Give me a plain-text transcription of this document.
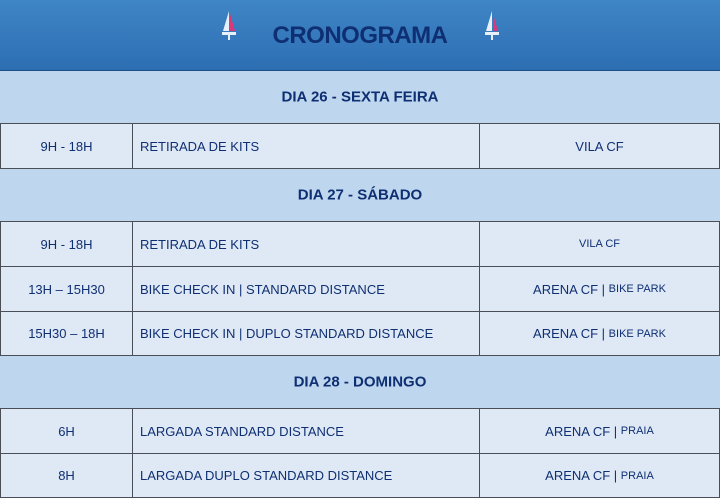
CRONOGRAMA
DIA 26 - SEXTA FEIRA
9H - 18H	RETIRADA DE KITS	VILA CF
DIA 27 - SÁBADO
9H - 18H	RETIRADA DE KITS	VILA CF
13H – 15H30	BIKE CHECK IN | STANDARD DISTANCE	ARENA CF | BIKE PARK
15H30 – 18H	BIKE CHECK IN | DUPLO STANDARD DISTANCE	ARENA CF | BIKE PARK
DIA 28 - DOMINGO
6H	LARGADA STANDARD DISTANCE	ARENA CF | PRAIA
8H	LARGADA DUPLO STANDARD DISTANCE	ARENA CF | PRAIA
